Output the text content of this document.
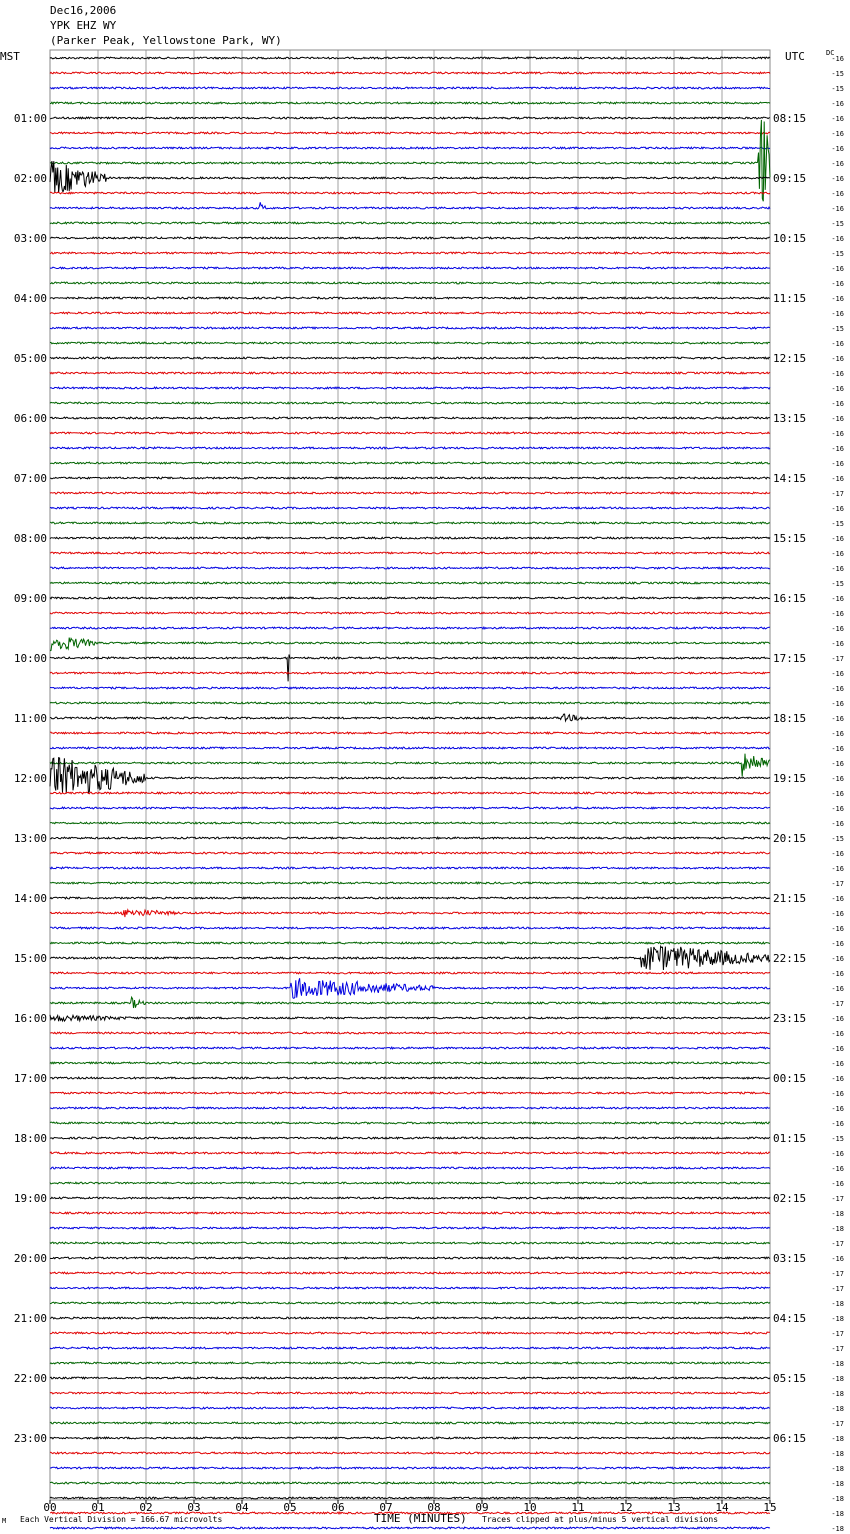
Dec16,2006
YPK EHZ WY
(Parker Peak, Yellowstone Park, WY)
MST	UTC	DC
01:00
02:00
03:00
04:00
05:00
06:00
07:00
08:00
09:00
10:00
11:00
12:00
13:00
14:00
15:00
16:00
17:00
18:00
19:00
20:00
21:00
22:00
23:00
08:15
09:15
10:15
11:15
12:15
13:15
14:15
15:15
16:15
17:15
18:15
19:15
20:15
21:15
22:15
23:15
00:15
01:15
02:15
03:15
04:15
05:15
06:15
-16
-15
-15
-16
-16
-16
-16
-16
-16
-16
-16
-15
-16
-15
-16
-16
-16
-16
-15
-16
-16
-16
-16
-16
-16
-16
-16
-16
-16
-17
-16
-15
-16
-16
-16
-15
-16
-16
-16
-16
-17
-16
-16
-16
-16
-16
-16
-16
-16
-16
-16
-16
-15
-16
-16
-17
-16
-16
-16
-16
-16
-16
-16
-17
-16
-16
-16
-16
-16
-16
-16
-16
-15
-16
-16
-16
-17
-18
-18
-17
-16
-17
-17
-18
-18
-17
-17
-18
-18
-18
-18
-17
-18
-18
-18
-18
-18
-18
-18
00	01	02	03	04	05	06	07	08	09	10	11	12	13	14	15
M Each Vertical Division = 166.67 microvolts	TIME (MINUTES) Traces clipped at plus/minus 5 vertical divisions
